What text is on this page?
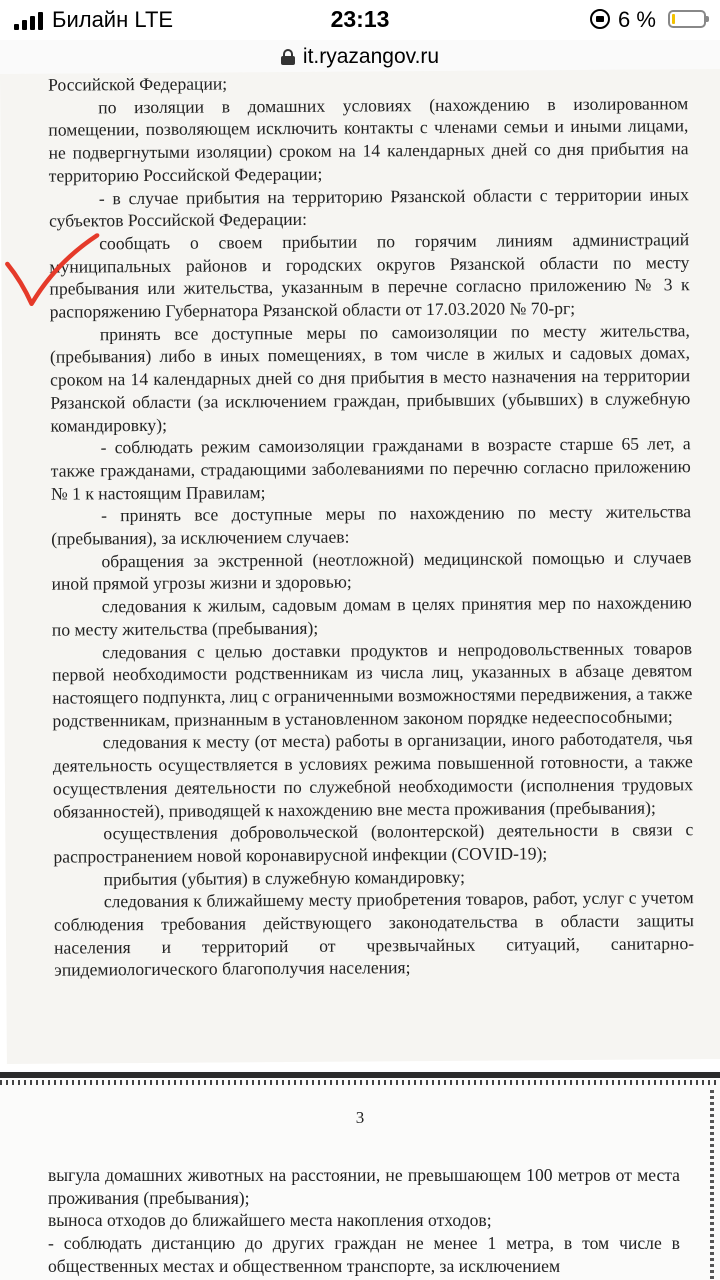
Билайн LTE	23:13	6 %
it.ryazangov.ru

Российской Федерации;

по изоляции в домашних условиях (нахождению в изолированном помещении, позволяющем исключить контакты с членами семьи и иными лицами, не подвергнутыми изоляции) сроком на 14 календарных дней со дня прибытия на территорию Российской Федерации;

- в случае прибытия на территорию Рязанской области с территории иных субъектов Российской Федерации:

сообщать о своем прибытии по горячим линиям администраций муниципальных районов и городских округов Рязанской области по месту пребывания или жительства, указанным в перечне согласно приложению № 3 к распоряжению Губернатора Рязанской области от 17.03.2020 № 70-рг;

принять все доступные меры по самоизоляции по месту жительства, (пребывания) либо в иных помещениях, в том числе в жилых и садовых домах, сроком на 14 календарных дней со дня прибытия в место назначения на территории Рязанской области (за исключением граждан, прибывших (убывших) в служебную командировку);

- соблюдать режим самоизоляции гражданами в возрасте старше 65 лет, а также гражданами, страдающими заболеваниями по перечню согласно приложению № 1 к настоящим Правилам;

- принять все доступные меры по нахождению по месту жительства (пребывания), за исключением случаев:

обращения за экстренной (неотложной) медицинской помощью и случаев иной прямой угрозы жизни и здоровью;

следования к жилым, садовым домам в целях принятия мер по нахождению по месту жительства (пребывания);

следования с целью доставки продуктов и непродовольственных товаров первой необходимости родственникам из числа лиц, указанных в абзаце девятом настоящего подпункта, лиц с ограниченными возможностями передвижения, а также родственникам, признанным в установленном законом порядке недееспособными;

следования к месту (от места) работы в организации, иного работодателя, чья деятельность осуществляется в условиях режима повышенной готовности, а также осуществления деятельности по служебной необходимости (исполнения трудовых обязанностей), приводящей к нахождению вне места проживания (пребывания);

осуществления добровольческой (волонтерской) деятельности в связи с распространением новой коронавирусной инфекции (COVID-19);

прибытия (убытия) в служебную командировку;

следования к ближайшему месту приобретения товаров, работ, услуг с учетом соблюдения требования действующего законодательства в области защиты населения и территорий от чрезвычайных ситуаций, санитарно-эпидемиологического благополучия населения;

3

выгула домашних животных на расстоянии, не превышающем 100 метров от места проживания (пребывания);

выноса отходов до ближайшего места накопления отходов;

- соблюдать дистанцию до других граждан не менее 1 метра, в том числе в общественных местах и общественном транспорте, за исключением
